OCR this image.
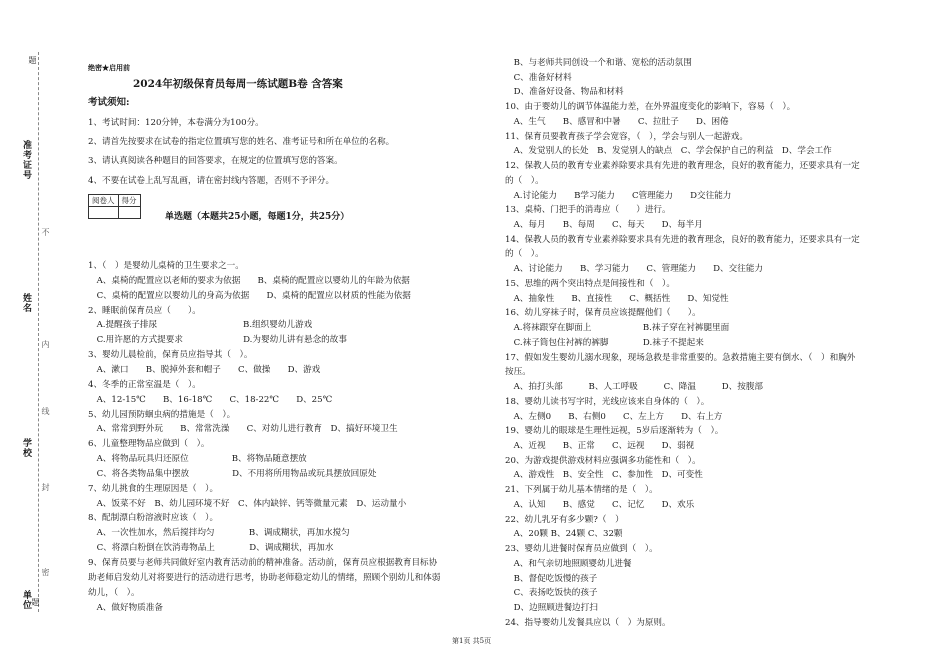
题
准考证号
不
姓名
内
线
学校
封
密
单位 题
绝密★启用前
2024年初级保育员每周一练试题B卷 含答案
考试须知:
1、考试时间：120分钟，本卷满分为100分。
2、请首先按要求在试卷的指定位置填写您的姓名、准考证号和所在单位的名称。
3、请认真阅读各种题目的回答要求，在规定的位置填写您的答案。
4、不要在试卷上乱写乱画，请在密封线内答题，否则不予评分。
阅卷人	得分

单选题（本题共25小题，每题1分，共25分）
1、（　）是婴幼儿桌椅的卫生要求之一。
　A、桌椅的配置应以老师的要求为依据　　B、桌椅的配置应以婴幼儿的年龄为依据
　C、桌椅的配置应以婴幼儿的身高为依据　　D、桌椅的配置应以材质的性能为依据
2、睡眠前保育员应（　　）。
　A.提醒孩子排尿　　　　　　　　　　B.组织婴幼儿游戏
　C.用许愿的方式提要求　　　　　　　D.为婴幼儿讲有悬念的故事
3、婴幼儿晨检前，保育员应指导其（　）。
　A、漱口　　B、脱掉外套和帽子　　C、做操　　D、游戏
4、冬季的正常室温是（　）。
　A、12-15℃　　B、16-18℃　　C、18-22℃　　D、25℃
5、幼儿园预防蛔虫病的措施是（　）。
　A、常常到野外玩　　B、常常洗澡　　C、对幼儿进行教育　D、搞好环境卫生
6、儿童整理物品应做到（　）。
　A、将物品玩具归还原位　　　　　B、将物品随意摆放
　C、将各类物品集中摆放　　　　　D、不用将所用物品或玩具摆放回原处
7、幼儿挑食的生理原因是（　）。
　A、饭菜不好　B、幼儿园环境不好　C、体内缺锌、钙等微量元素　D、运动量小
8、配制漂白粉溶液时应该（　）。
　A、一次性加水，然后搅拌均匀　　　　B、调成糊状，再加水搅匀
　C、将漂白粉倒在饮消毒物品上　　　　D、调成糊状，再加水
9、保育员要与老师共同做好室内教育活动前的精神准备。活动前，保育员应根据教育目标协
助老师启发幼儿对将要进行的活动进行思考，协助老师稳定幼儿的情绪，照顾个别幼儿和体弱
幼儿，（　）。
　A、做好物质准备
　B、与老师共同创设一个和谐、宽松的活动氛围
　C、准备好材料
　D、准备好设备、物品和材料
10、由于婴幼儿的调节体温能力差，在外界温度变化的影响下，容易（　）。
　A、生气　　B、感冒和中暑　　C、拉肚子　　D、困倦
11、保育员要教育孩子学会宽容，（　），学会与别人一起游戏。
　A、发觉别人的长处　B、发觉别人的缺点　C、学会保护自己的利益　D、学会工作
12、保教人员的教育专业素养除要求具有先进的教育理念，良好的教育能力，还要求具有一定
的（　）。
　A.讨论能力　　B学习能力　　C管理能力　　D交往能力
13、桌椅、门把手的消毒应（　　）进行。
　A、每月　　B、每周　　C、每天　　D、每半月
14、保教人员的教育专业素养除要求具有先进的教育理念，良好的教育能力，还要求具有一定
的（　）。
　A、讨论能力　　B、学习能力　　C、管理能力　　D、交往能力
15、思维的两个突出特点是间接性和（　）。
　A、抽象性　　B、直接性　　C、概括性　　D、知觉性
16、幼儿穿袜子时，保育员应该提醒他们（　　）。
　A.将袜跟穿在脚面上　　　　　　B.袜子穿在衬裤腿里面
　C.袜子筒包住衬裤的裤脚　　　　D.袜子不提起来
17、假如发生婴幼儿溺水现象，现场急救是非常重要的。急救措施主要有倒水、（　）和胸外
按压。
　A、拍打头部　　　B、人工呼吸　　　C、降温　　　D、按腹部
18、婴幼儿读书写字时，光线应该来自身体的（　）。
　A、左侧0　　B、右侧0　　C、左上方　　D、右上方
19、婴幼儿的眼球是生理性远视，5岁后逐渐转为（　）。
　A、近视　　B、正常　　C、远视　　D、弱视
20、为游戏提供游戏材料应强调多功能性和（　）。
　A、游戏性　B、安全性　C、参加性　D、可变性
21、下列属于幼儿基本情绪的是（　）。
　A、认知　　B、感觉　　C、记忆　　D、欢乐
22、幼儿乳牙有多少颗?（　）
　A、20颗 B、24颗 C、32颗
23、婴幼儿进餐时保育员应做到（　）。
　A、和气亲切地照顾婴幼儿进餐
　B、督促吃饭慢的孩子
　C、表扬吃饭快的孩子
　D、边照顾进餐边打扫
24、指导婴幼儿发餐具应以（　）为原则。
第1页 共5页
